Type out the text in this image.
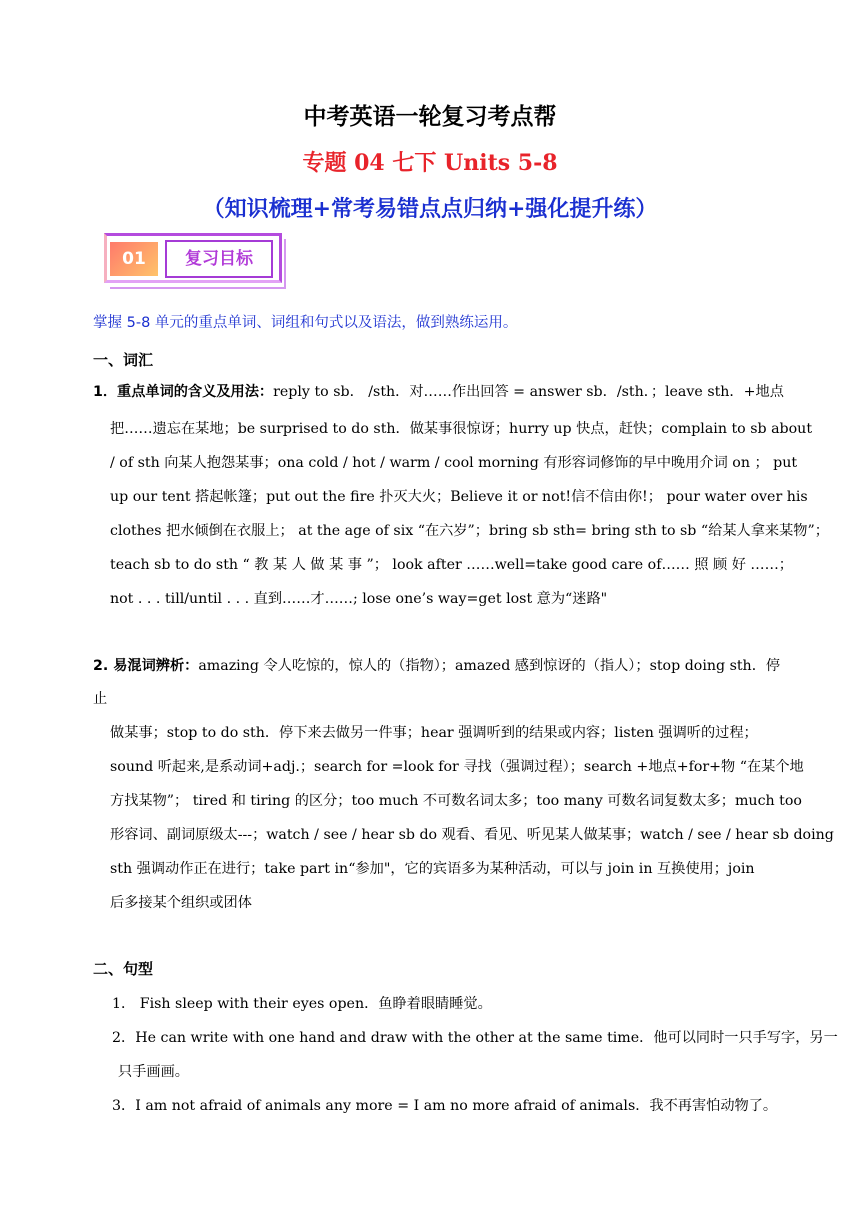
中考英语一轮复习考点帮
专题 04 七下 Units 5-8
（知识梳理+常考易错点点归纳+强化提升练）
01	复习目标
掌握 5-8 单元的重点单词、词组和句式以及语法，做到熟练运用。
一、词汇
1．重点单词的含义及用法：reply to sb． /sth．对……作出回答 = answer sb．/sth．；leave sth．+地点
把……遗忘在某地；be surprised to do sth．做某事很惊讶；hurry up 快点，赶快；complain to sb about
/ of sth 向某人抱怨某事；ona cold / hot / warm / cool morning 有形容词修饰的早中晚用介词 on ； put
up our tent 搭起帐篷；put out the fire 扑灭大火；Believe it or not!信不信由你!； pour water over his
clothes 把水倾倒在衣服上； at the age of six “在六岁”；bring sb sth= bring sth to sb “给某人拿来某物”；
teach sb to do sth “ 教 某 人 做 某 事 ”； look after ……well=take good care of…… 照 顾 好 ……；
not . . . till/until . . . 直到……才……; lose one’s way=get lost 意为“迷路"
2. 易混词辨析：amazing 令人吃惊的，惊人的（指物）；amazed 感到惊讶的（指人）；stop doing sth．停
止
做某事；stop to do sth．停下来去做另一件事；hear 强调听到的结果或内容；listen 强调听的过程；
sound 听起来,是系动词+adj.；search for =look for 寻找（强调过程）；search +地点+for+物 “在某个地
方找某物”； tired 和 tiring 的区分；too much 不可数名词太多；too many 可数名词复数太多；much too
形容词、副词原级太---；watch / see / hear sb do 观看、看见、听见某人做某事；watch / see / hear sb doing
sth 强调动作正在进行；take part in“参加"，它的宾语多为某种活动，可以与 join in 互换使用；join
后多接某个组织或团体
二、句型
1． Fish sleep with their eyes open．鱼睁着眼睛睡觉。
2．He can write with one hand and draw with the other at the same time．他可以同时一只手写字，另一
只手画画。
3．I am not afraid of animals any more = I am no more afraid of animals．我不再害怕动物了。
